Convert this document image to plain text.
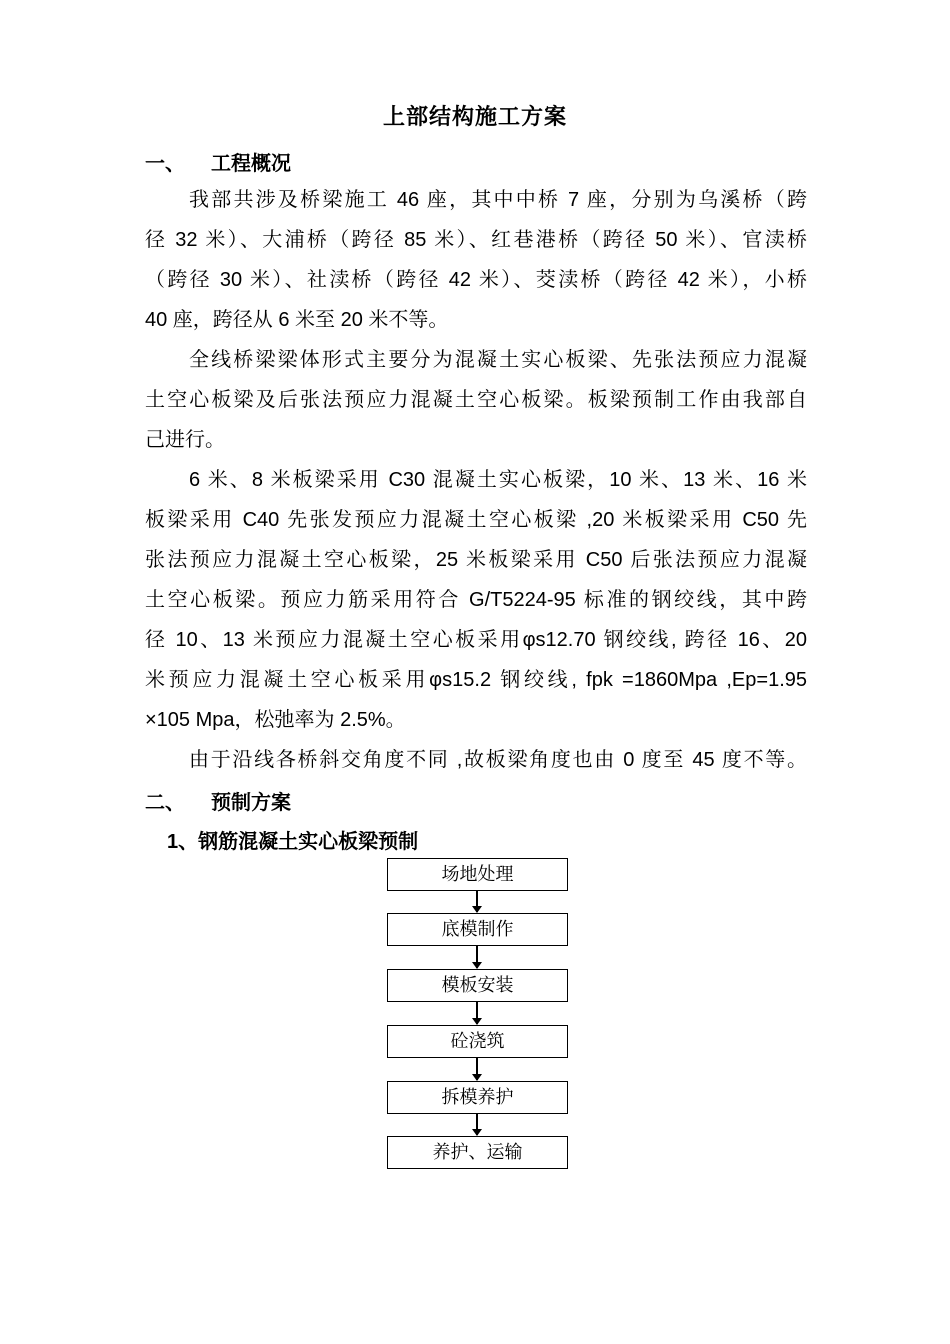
上部结构施工方案
一、 工程概况
我部共涉及桥梁施工 46 座，其中中桥 7 座，分别为乌溪桥（跨
径 32 米）、大浦桥（跨径 85 米）、红巷港桥（跨径 50 米）、官渎桥
（跨径 30 米）、社渎桥（跨径 42 米）、茭渎桥（跨径 42 米），小桥
40 座，跨径从 6 米至 20 米不等。
全线桥梁梁体形式主要分为混凝土实心板梁、先张法预应力混凝
土空心板梁及后张法预应力混凝土空心板梁。板梁预制工作由我部自
己进行。
6 米、8 米板梁采用 C30 混凝土实心板梁，10 米、13 米、16 米
板梁采用 C40 先张发预应力混凝土空心板梁 ,20 米板梁采用 C50 先
张法预应力混凝土空心板梁，25 米板梁采用 C50 后张法预应力混凝
土空心板梁。预应力筋采用符合 G/T5224-95 标准的钢绞线，其中跨
径 10、13 米预应力混凝土空心板采用φs12.70 钢绞线, 跨径 16、20
米预应力混凝土空心板采用φs15.2 钢绞线, fpk =1860Mpa ,Ep=1.95
×105 Mpa，松弛率为 2.5%。
由于沿线各桥斜交角度不同 ,故板梁角度也由 0 度至 45 度不等。
二、 预制方案
1、钢筋混凝土实心板梁预制
场地处理
底模制作
模板安装
砼浇筑
拆模养护
养护、运输
